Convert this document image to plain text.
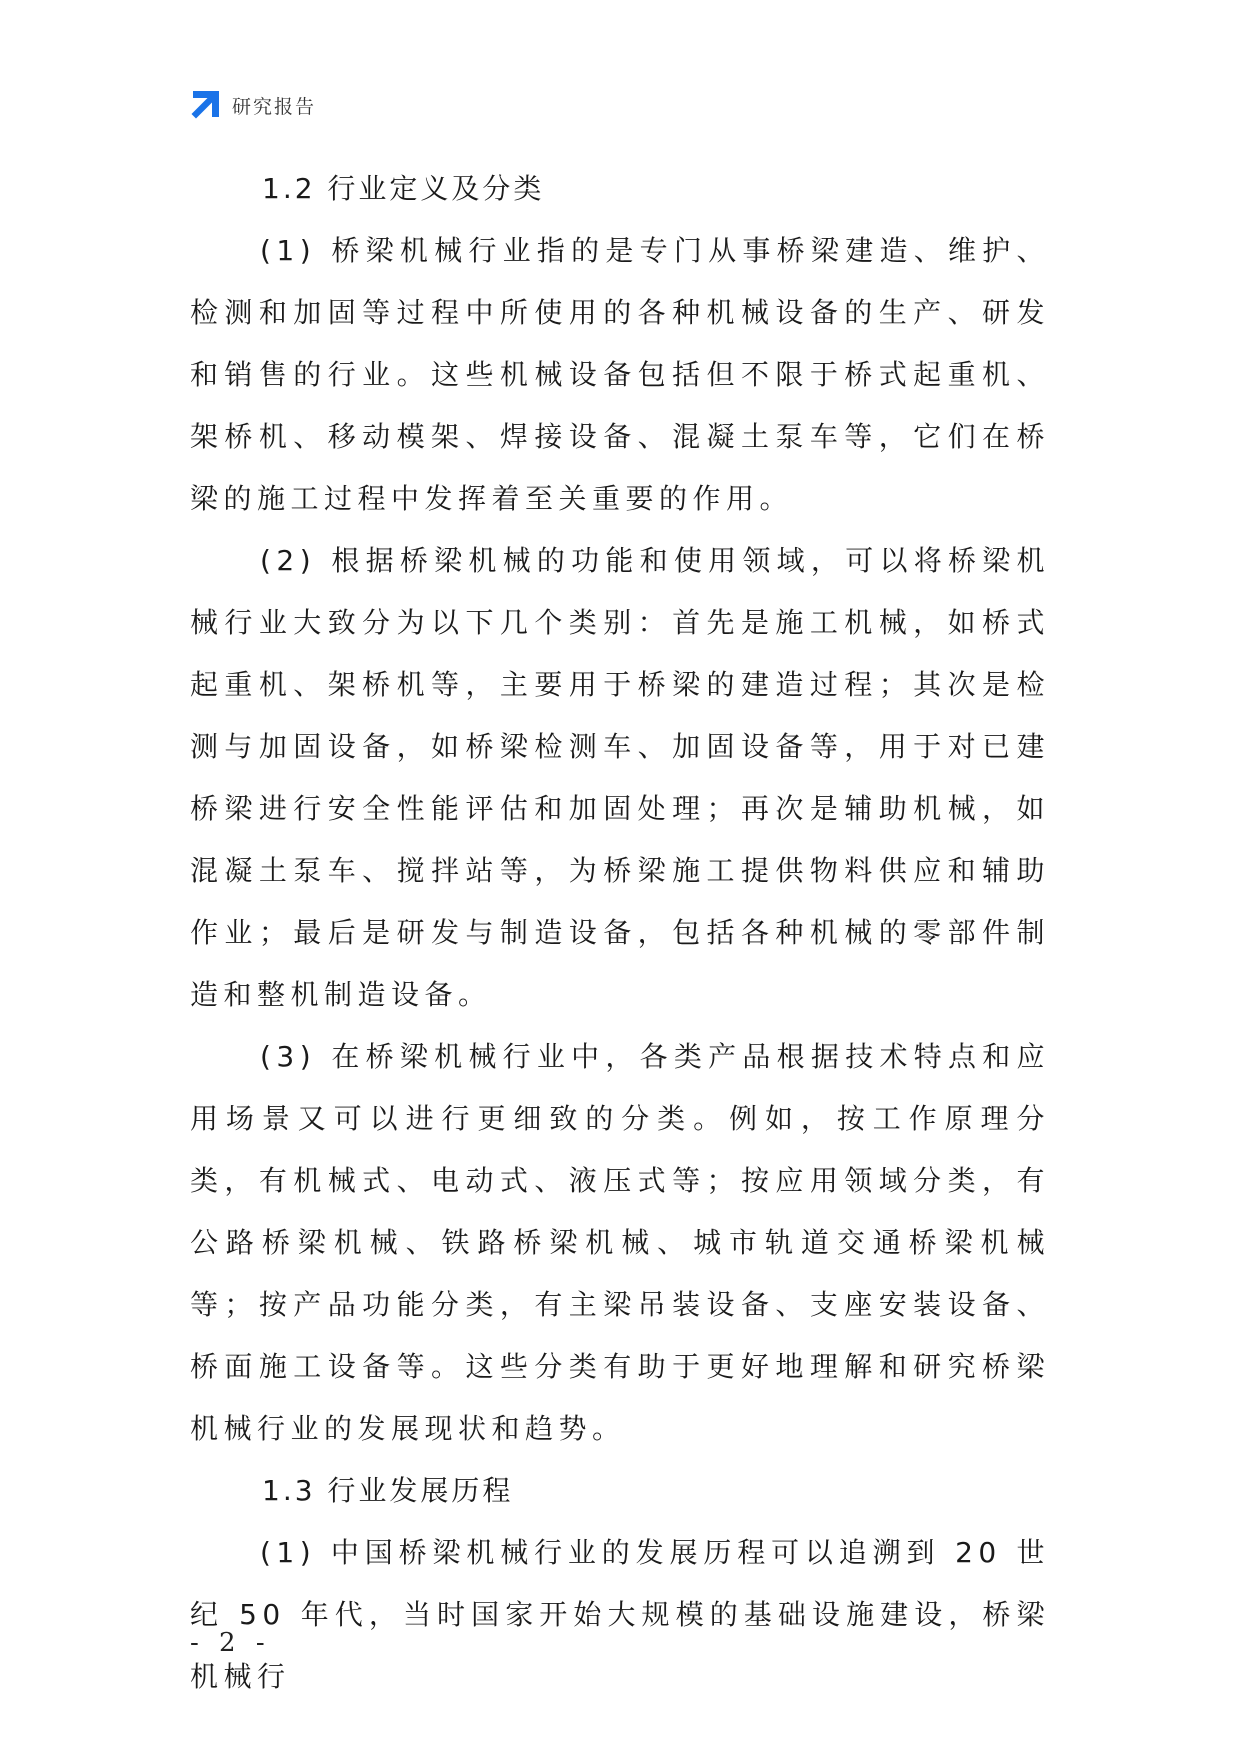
研究报告
1.2 行业定义及分类

(1) 桥梁机械行业指的是专门从事桥梁建造、维护、检测和加固等过程中所使用的各种机械设备的生产、研发和销售的行业。这些机械设备包括但不限于桥式起重机、架桥机、移动模架、焊接设备、混凝土泵车等，它们在桥梁的施工过程中发挥着至关重要的作用。

(2) 根据桥梁机械的功能和使用领域，可以将桥梁机械行业大致分为以下几个类别：首先是施工机械，如桥式起重机、架桥机等，主要用于桥梁的建造过程；其次是检测与加固设备，如桥梁检测车、加固设备等，用于对已建桥梁进行安全性能评估和加固处理；再次是辅助机械，如混凝土泵车、搅拌站等，为桥梁施工提供物料供应和辅助作业；最后是研发与制造设备，包括各种机械的零部件制造和整机制造设备。

(3) 在桥梁机械行业中，各类产品根据技术特点和应用场景又可以进行更细致的分类。例如，按工作原理分类，有机械式、电动式、液压式等；按应用领域分类，有公路桥梁机械、铁路桥梁机械、城市轨道交通桥梁机械等；按产品功能分类，有主梁吊装设备、支座安装设备、桥面施工设备等。这些分类有助于更好地理解和研究桥梁机械行业的发展现状和趋势。

1.3 行业发展历程

(1) 中国桥梁机械行业的发展历程可以追溯到 20 世纪 50 年代，当时国家开始大规模的基础设施建设，桥梁机械行

- 2 -
